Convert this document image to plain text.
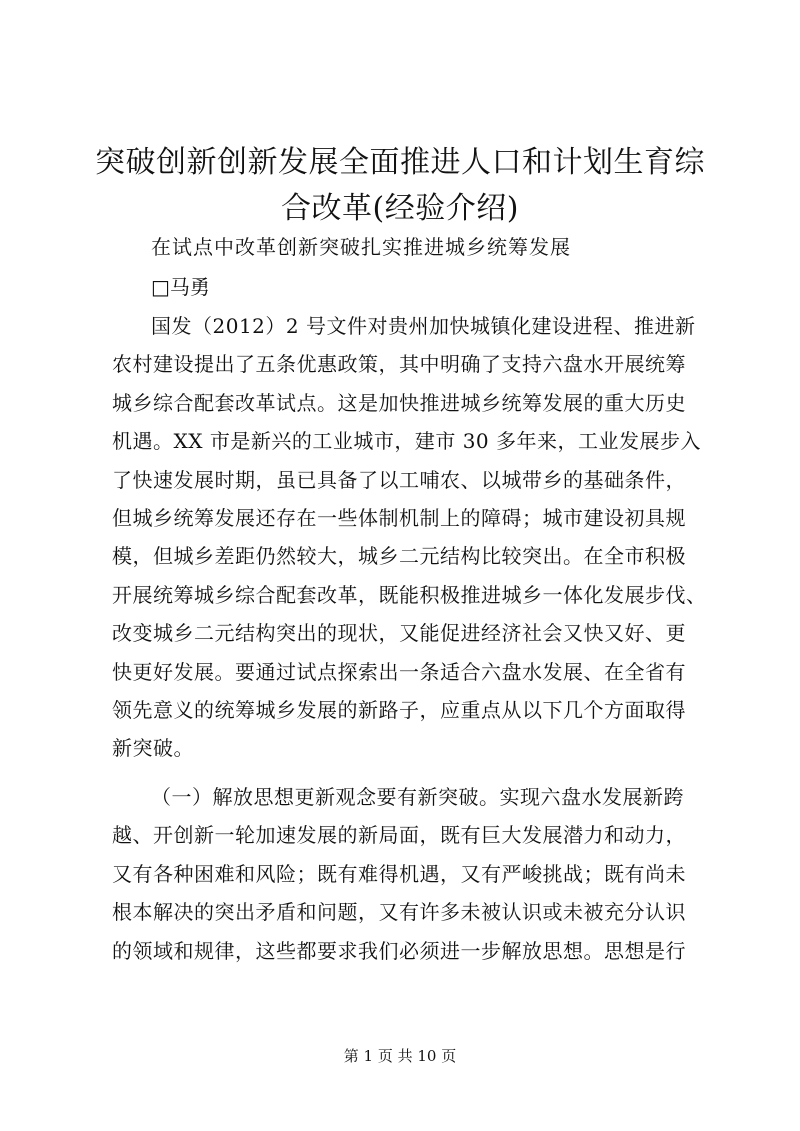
突破创新创新发展全面推进人口和计划生育综
合改革(经验介绍)
在试点中改革创新突破扎实推进城乡统筹发展
□马勇
国发（2012）2 号文件对贵州加快城镇化建设进程、推进新
农村建设提出了五条优惠政策，其中明确了支持六盘水开展统筹
城乡综合配套改革试点。这是加快推进城乡统筹发展的重大历史
机遇。XX 市是新兴的工业城市，建市 30 多年来，工业发展步入
了快速发展时期，虽已具备了以工哺农、以城带乡的基础条件，
但城乡统筹发展还存在一些体制机制上的障碍；城市建设初具规
模，但城乡差距仍然较大，城乡二元结构比较突出。在全市积极
开展统筹城乡综合配套改革，既能积极推进城乡一体化发展步伐、
改变城乡二元结构突出的现状，又能促进经济社会又快又好、更
快更好发展。要通过试点探索出一条适合六盘水发展、在全省有
领先意义的统筹城乡发展的新路子，应重点从以下几个方面取得
新突破。
（一）解放思想更新观念要有新突破。实现六盘水发展新跨
越、开创新一轮加速发展的新局面，既有巨大发展潜力和动力，
又有各种困难和风险；既有难得机遇，又有严峻挑战；既有尚未
根本解决的突出矛盾和问题，又有许多未被认识或未被充分认识
的领域和规律，这些都要求我们必须进一步解放思想。思想是行
第 1 页 共 10 页
